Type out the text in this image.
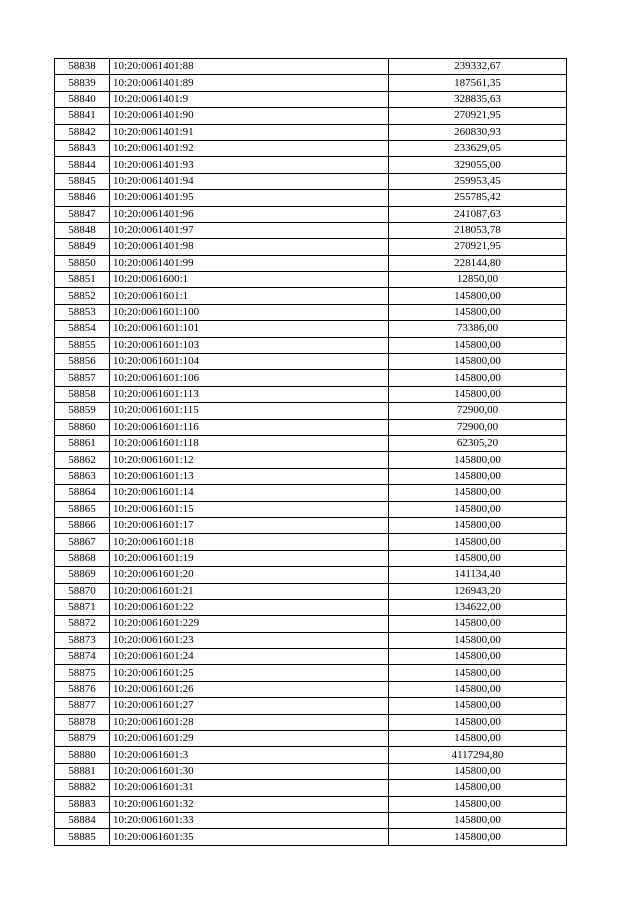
58838	10:20:0061401:88	239332,67
58839	10:20:0061401:89	187561,35
58840	10:20:0061401:9	328835,63
58841	10:20:0061401:90	270921,95
58842	10:20:0061401:91	260830,93
58843	10:20:0061401:92	233629,05
58844	10:20:0061401:93	329055,00
58845	10:20:0061401:94	259953,45
58846	10:20:0061401:95	255785,42
58847	10:20:0061401:96	241087,63
58848	10:20:0061401:97	218053,78
58849	10:20:0061401:98	270921,95
58850	10:20:0061401:99	228144,80
58851	10:20:0061600:1	12850,00
58852	10:20:0061601:1	145800,00
58853	10:20:0061601:100	145800,00
58854	10:20:0061601:101	73386,00
58855	10:20:0061601:103	145800,00
58856	10:20:0061601:104	145800,00
58857	10:20:0061601:106	145800,00
58858	10:20:0061601:113	145800,00
58859	10:20:0061601:115	72900,00
58860	10:20:0061601:116	72900,00
58861	10:20:0061601:118	62305,20
58862	10:20:0061601:12	145800,00
58863	10:20:0061601:13	145800,00
58864	10:20:0061601:14	145800,00
58865	10:20:0061601:15	145800,00
58866	10:20:0061601:17	145800,00
58867	10:20:0061601:18	145800,00
58868	10:20:0061601:19	145800,00
58869	10:20:0061601:20	141134,40
58870	10:20:0061601:21	126943,20
58871	10:20:0061601:22	134622,00
58872	10:20:0061601:229	145800,00
58873	10:20:0061601:23	145800,00
58874	10:20:0061601:24	145800,00
58875	10:20:0061601:25	145800,00
58876	10:20:0061601:26	145800,00
58877	10:20:0061601:27	145800,00
58878	10:20:0061601:28	145800,00
58879	10:20:0061601:29	145800,00
58880	10:20:0061601:3	4117294,80
58881	10:20:0061601:30	145800,00
58882	10:20:0061601:31	145800,00
58883	10:20:0061601:32	145800,00
58884	10:20:0061601:33	145800,00
58885	10:20:0061601:35	145800,00
